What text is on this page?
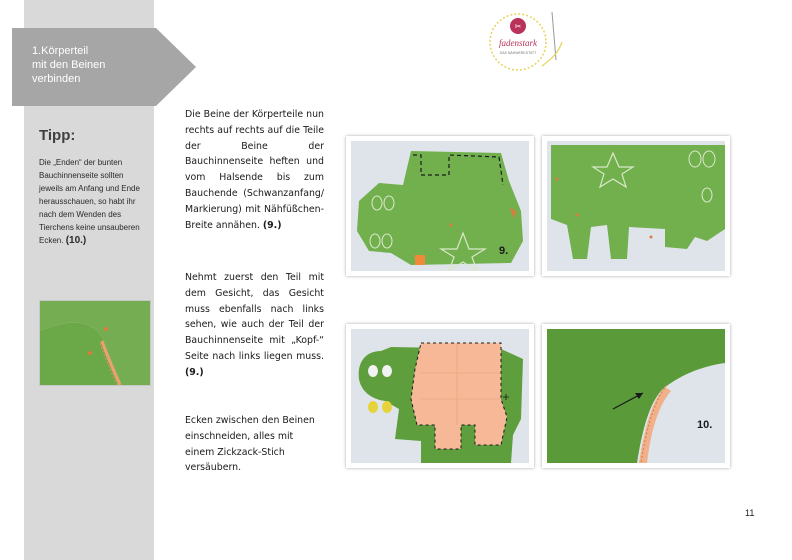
1.Körperteil
mit den Beinen
verbinden
Tipp:
Die „Enden“ der bunten Bauchinnenseite sollten jeweils am Anfang und Ende herausschauen, so habt ihr nach dem Wenden des Tierchens keine unsauberen Ecken. (10.)
✂
fadenstark
DAS NÄHWERKSTATT
Die Beine der Körperteile nun rechts auf rechts auf die Teile der Beine der Bauchinnenseite heften und vom Halsende bis zum Bauchende (Schwanzanfang/ Markierung) mit Nähfüßchen-Breite annähen. (9.)
Nehmt zuerst den Teil mit dem Gesicht, das Gesicht muss ebenfalls nach links sehen, wie auch der Teil der Bauchinnenseite mit „Kopf-“ Seite nach links liegen muss. (9.)
Ecken zwischen den Beinen einschneiden, alles mit einem Zickzack-Stich versäubern.
9.
10.
11
